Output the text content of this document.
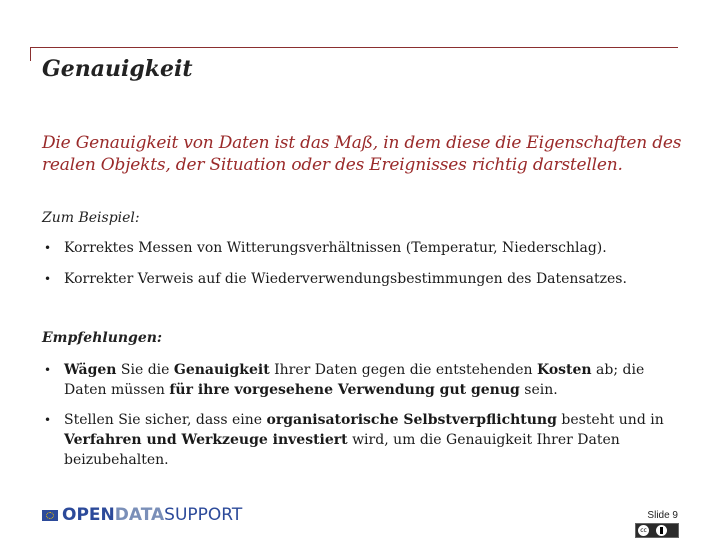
Genauigkeit

Die Genauigkeit von Daten ist das Maß, in dem diese die Eigenschaften des realen Objekts, der Situation oder des Ereignisses richtig darstellen.

Zum Beispiel:

• Korrektes Messen von Witterungsverhältnissen (Temperatur, Niederschlag).
• Korrekter Verweis auf die Wiederverwendungsbestimmungen des Datensatzes.

Empfehlungen:

• Wägen Sie die Genauigkeit Ihrer Daten gegen die entstehenden Kosten ab; die Daten müssen für ihre vorgesehene Verwendung gut genug sein.
• Stellen Sie sicher, dass eine organisatorische Selbstverpflichtung besteht und in Verfahren und Werkzeuge investiert wird, um die Genauigkeit Ihrer Daten beizubehalten.
OPEN DATA SUPPORT	Slide 9

cc
